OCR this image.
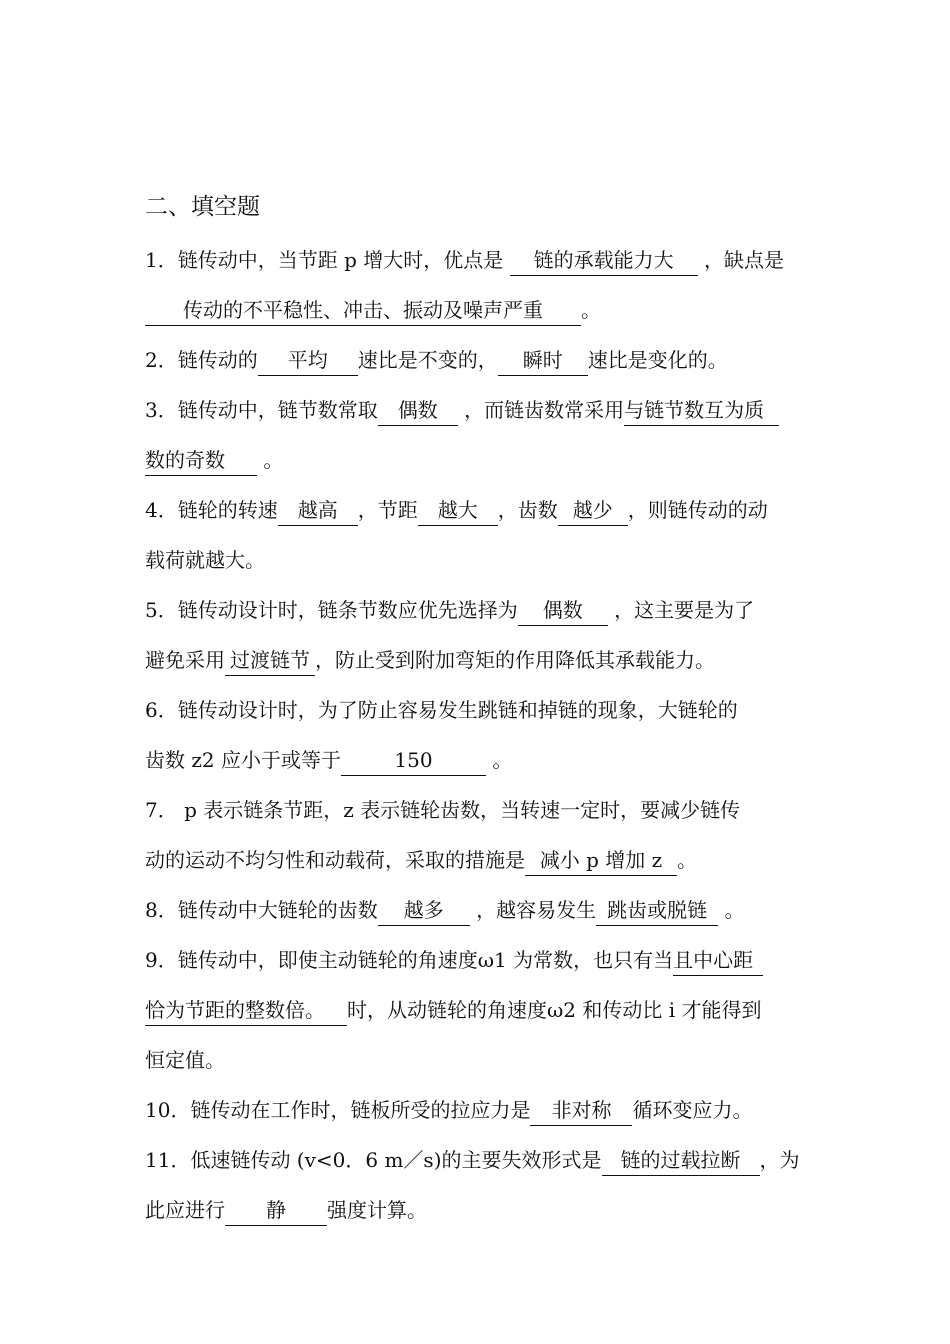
二、填空题
1．链传动中，当节距 p 增大时，优点是 链的承载能力大 ，缺点是
传动的不平稳性、冲击、振动及噪声严重 。
2．链传动的 平均 速比是不变的， 瞬时 速比是变化的。
3．链传动中，链节数常取 偶数 ，而链齿数常采用与链节数互为质
数的奇数 。
4．链轮的转速 越高 ，节距 越大 ，齿数 越少 ，则链传动的动
载荷就越大。
5．链传动设计时，链条节数应优先选择为 偶数 ，这主要是为了
避免采用 过渡链节 ，防止受到附加弯矩的作用降低其承载能力。
6．链传动设计时，为了防止容易发生跳链和掉链的现象，大链轮的
齿数 z2 应小于或等于	150	。
7． p 表示链条节距，z 表示链轮齿数，当转速一定时，要减少链传
动的运动不均匀性和动载荷，采取的措施是 减小 p 增加 z 。
8．链传动中大链轮的齿数 越多 ，越容易发生 跳齿或脱链 。
9．链传动中，即使主动链轮的角速度ω1 为常数，也只有当且中心距
恰为节距的整数倍。 时，从动链轮的角速度ω2 和传动比 i 才能得到
恒定值。
10．链传动在工作时，链板所受的拉应力是 非对称 循环变应力。
11．低速链传动 (v<0．6 m／s)的主要失效形式是 链的过载拉断 ，为
此应进行 静 强度计算。
